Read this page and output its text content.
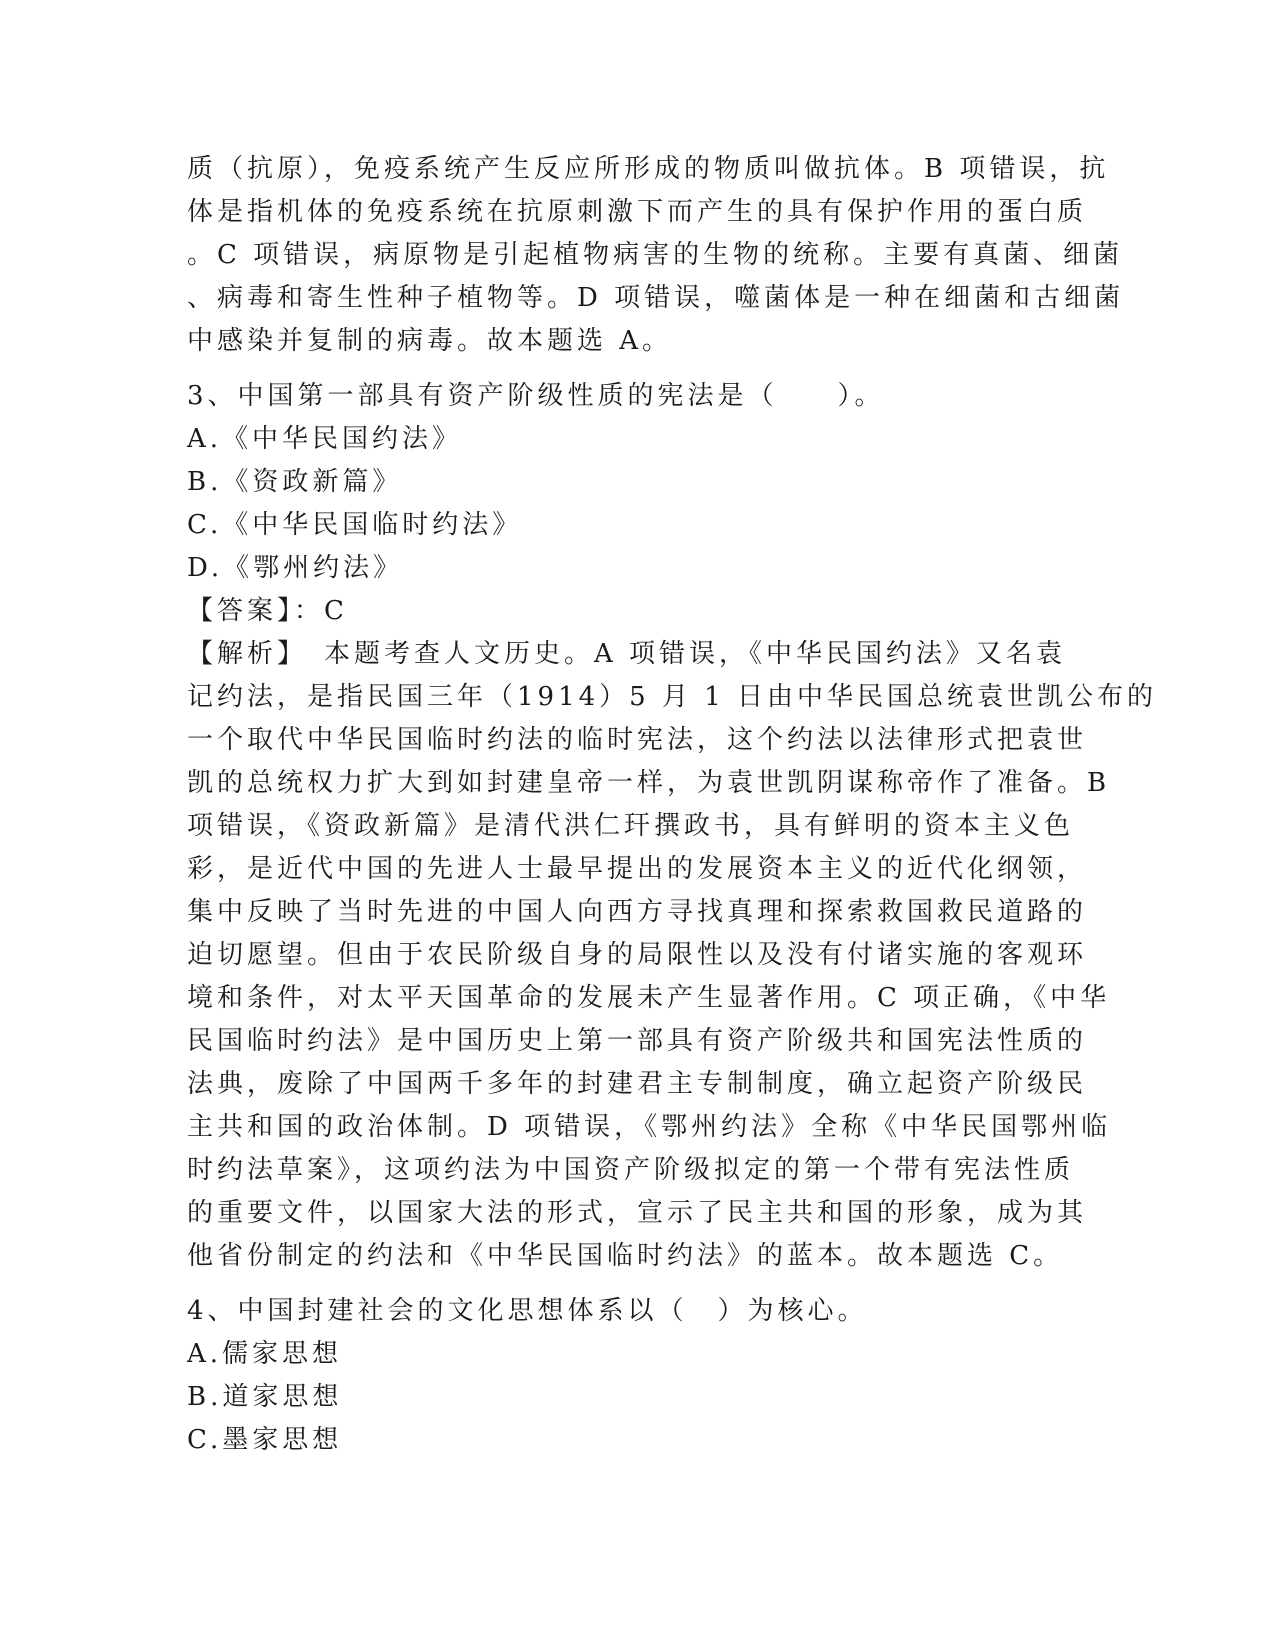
质（抗原），免疫系统产生反应所形成的物质叫做抗体。B 项错误，抗
体是指机体的免疫系统在抗原刺激下而产生的具有保护作用的蛋白质
。C 项错误，病原物是引起植物病害的生物的统称。主要有真菌、细菌
、病毒和寄生性种子植物等。D 项错误，噬菌体是一种在细菌和古细菌
中感染并复制的病毒。故本题选 A。
3、中国第一部具有资产阶级性质的宪法是（　　）。
A.《中华民国约法》
B.《资政新篇》
C.《中华民国临时约法》
D.《鄂州约法》
【答案】：C
【解析】　本题考查人文历史。A 项错误，《中华民国约法》又名袁
记约法，是指民国三年（1914）5 月 1 日由中华民国总统袁世凯公布的
一个取代中华民国临时约法的临时宪法，这个约法以法律形式把袁世
凯的总统权力扩大到如封建皇帝一样，为袁世凯阴谋称帝作了准备。B
项错误，《资政新篇》是清代洪仁玕撰政书，具有鲜明的资本主义色
彩，是近代中国的先进人士最早提出的发展资本主义的近代化纲领，
集中反映了当时先进的中国人向西方寻找真理和探索救国救民道路的
迫切愿望。但由于农民阶级自身的局限性以及没有付诸实施的客观环
境和条件，对太平天国革命的发展未产生显著作用。C 项正确，《中华
民国临时约法》是中国历史上第一部具有资产阶级共和国宪法性质的
法典，废除了中国两千多年的封建君主专制制度，确立起资产阶级民
主共和国的政治体制。D 项错误，《鄂州约法》全称《中华民国鄂州临
时约法草案》，这项约法为中国资产阶级拟定的第一个带有宪法性质
的重要文件，以国家大法的形式，宣示了民主共和国的形象，成为其
他省份制定的约法和《中华民国临时约法》的蓝本。故本题选 C。
4、中国封建社会的文化思想体系以（　）为核心。
A.儒家思想
B.道家思想
C.墨家思想
